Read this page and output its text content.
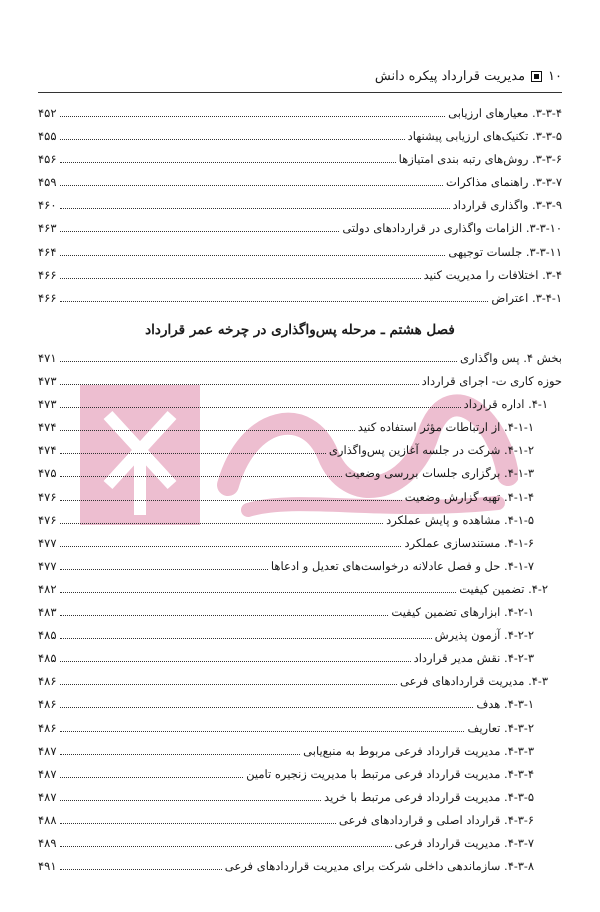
۱۰
مدیریت قرارداد پیکره دانش
۳-۳-۴. معیارهای ارزیابی
۴۵۲
۳-۳-۵. تکنیک‌های ارزیابی پیشنهاد
۴۵۵
۳-۳-۶. روش‌های رتبه بندی امتیازها
۴۵۶
۳-۳-۷. راهنمای مذاکرات
۴۵۹
۳-۳-۹. واگذاری قرارداد
۴۶۰
۳-۳-۱۰. الزامات واگذاری در قراردادهای دولتی
۴۶۳
۳-۳-۱۱. جلسات توجیهی
۴۶۴
۳-۴. اختلافات را مدیریت کنید
۴۶۶
۳-۴-۱. اعتراض
۴۶۶
فصل هشتم ـ مرحله پس‌واگذاری در چرخه عمر قرارداد
بخش ۴. پس واگذاری
۴۷۱
حوزه کاری ت- اجرای قرارداد
۴۷۳
۴-۱. اداره قرارداد
۴۷۳
۴-۱-۱. از ارتباطات مؤثر استفاده کنید
۴۷۴
۴-۱-۲. شرکت در جلسه آغازین پس‌واگذاری
۴۷۴
۴-۱-۳. برگزاری جلسات بررسی وضعیت
۴۷۵
۴-۱-۴. تهیه گزارش وضعیت
۴۷۶
۴-۱-۵. مشاهده و پایش عملکرد
۴۷۶
۴-۱-۶. مستندسازی عملکرد
۴۷۷
۴-۱-۷. حل و فصل عادلانه درخواست‌های تعدیل و ادعاها
۴۷۷
۴-۲. تضمین کیفیت
۴۸۲
۴-۲-۱. ابزارهای تضمین کیفیت
۴۸۳
۴-۲-۲. آزمون پذیرش
۴۸۵
۴-۲-۳. نقش مدیر قرارداد
۴۸۵
۴-۳. مدیریت قراردادهای فرعی
۴۸۶
۴-۳-۱. هدف
۴۸۶
۴-۳-۲. تعاریف
۴۸۶
۴-۳-۳. مدیریت قرارداد فرعی مربوط به منبع‌یابی
۴۸۷
۴-۳-۴. مدیریت قرارداد فرعی مرتبط با مدیریت زنجیره تامین
۴۸۷
۴-۳-۵. مدیریت قرارداد فرعی مرتبط با خرید
۴۸۷
۴-۳-۶. قرارداد اصلی و قراردادهای فرعی
۴۸۸
۴-۳-۷. مدیریت قرارداد فرعی
۴۸۹
۴-۳-۸. سازماندهی داخلی شرکت برای مدیریت قراردادهای فرعی
۴۹۱
